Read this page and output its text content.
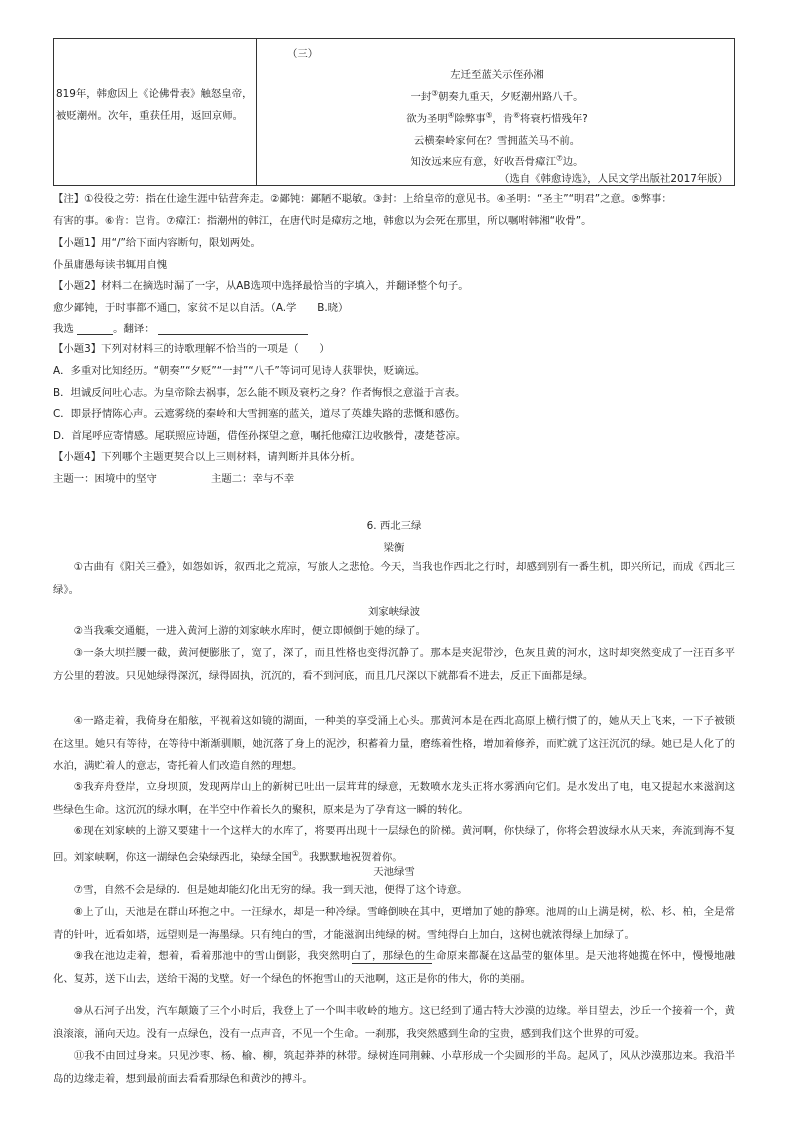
819年，韩愈因上《论佛骨表》触怒皇帝，被贬潮州。次年，重获任用，返回京师。

（三）
左迁至蓝关示侄孙湘
一封③朝奏九重天，夕贬潮州路八千。
欲为圣明④除弊事⑤，肯⑥将衰朽惜残年?
云横秦岭家何在？雪拥蓝关马不前。
知汝远来应有意，好收吾骨瘴江⑦边。
（选自《韩愈诗选》，人民文学出版社2017年版）
【注】①役役之劳：指在仕途生涯中钻营奔走。②鄙钝：鄙陋不聪敏。③封：上给皇帝的意见书。④圣明：“圣主”“明君”之意。⑤弊事：
有害的事。⑥肯：岂肯。⑦瘴江：指潮州的韩江，在唐代时是瘴疠之地，韩愈以为会死在那里，所以嘱咐韩湘“收骨”。
【小题1】用“/”给下面内容断句，限划两处。
仆虽庸愚每读书辄用自愧
【小题2】材料二在摘选时漏了一字，从AB选项中选择最恰当的字填入，并翻译整个句子。
愈少鄙钝，于时事都不通□，家贫不足以自活。（A.学　　B.晓）
我选	。翻译：
【小题3】下列对材料三的诗歌理解不恰当的一项是（　　）
A．多重对比知经历。“朝奏”“夕贬”“一封”“八千”等词可见诗人获罪快，贬谪远。
B．坦诚反问吐心志。为皇帝除去祸事，怎么能不顾及衰朽之身？作者悔恨之意溢于言表。
C．即景抒情陈心声。云遮雾绕的秦岭和大雪拥塞的蓝关，道尽了英雄失路的悲慨和感伤。
D．首尾呼应寄情感。尾联照应诗题，借侄孙探望之意，嘱托他瘴江边收骸骨，凄楚苍凉。
【小题4】下列哪个主题更契合以上三则材料，请判断并具体分析。
主题一：困境中的坚守	主题二：幸与不幸
6. 西北三绿
梁衡
①古曲有《阳关三叠》，如怨如诉，叙西北之荒凉，写旅人之悲怆。今天，当我也作西北之行时，却感到别有一番生机，即兴所记，而成《西北三绿》。
刘家峡绿波
②当我乘交通艇，一进入黄河上游的刘家峡水库时，便立即倾倒于她的绿了。
③一条大坝拦腰一截，黄河便膨胀了，宽了，深了，而且性格也变得沉静了。那本是夹泥带沙，色灰且黄的河水，这时却突然变成了一汪百多平方公里的碧波。只见她绿得深沉，绿得固执，沉沉的，看不到河底，而且几尺深以下就都看不进去，反正下面都是绿。
④一路走着，我倚身在船舷，平视着这如镜的湖面，一种美的享受涌上心头。那黄河本是在西北高原上横行惯了的，她从天上飞来，一下子被锁在这里。她只有等待，在等待中渐渐驯顺，她沉落了身上的泥沙，积蓄着力量，磨练着性格，增加着修养，而贮就了这汪沉沉的绿。她已是人化了的水泊，满贮着人的意志，寄托着人们改造自然的理想。
⑤我弃舟登岸，立身坝顶，发现两岸山上的新树已吐出一层茸茸的绿意，无数喷水龙头正将水雾洒向它们。是水发出了电，电又提起水来滋润这些绿色生命。这沉沉的绿水啊，在半空中作着长久的聚积，原来是为了孕育这一瞬的转化。
⑥现在刘家峡的上游又要建十一个这样大的水库了，将要再出现十一层绿色的阶梯。黄河啊，你快绿了，你将会碧波绿水从天来，奔流到海不复回。刘家峡啊，你这一湖绿色会染绿西北，染绿全国①。我默默地祝贺着你。
天池绿雪
⑦雪，自然不会是绿的．但是她却能幻化出无穷的绿。我一到天池，便得了这个诗意。
⑧上了山，天池是在群山环抱之中。一汪绿水，却是一种冷绿。雪峰倒映在其中，更增加了她的静寒。池周的山上满是树，松、杉、柏，全是常青的针叶，近看如塔，远望则是一海墨绿。只有纯白的雪，才能滋润出纯绿的树。雪纯得白上加白，这树也就浓得绿上加绿了。
⑨我在池边走着，想着，看着那池中的雪山倒影，我突然明白了，那绿色的生命原来都凝在这晶莹的躯体里。是天池将她揽在怀中，慢慢地融化、复苏，送下山去，送给干渴的戈壁。好一个绿色的怀抱雪山的天池啊，这正是你的伟大，你的美丽。
⑩从石河子出发，汽车颠簸了三个小时后，我登上了一个叫丰收岭的地方。这已经到了通古特大沙漠的边缘。举目望去，沙丘一个接着一个，黄浪滚滚，涌向天边。没有一点绿色，没有一点声音，不见一个生命。一刹那，我突然感到生命的宝贵，感到我们这个世界的可爱。
⑪我不由回过身来。只见沙枣、杨、榆、柳，筑起莽莽的林带。绿树连同荆棘、小草形成一个尖圆形的半岛。起风了，风从沙漠那边来。我沿半岛的边缘走着，想到最前面去看看那绿色和黄沙的搏斗。
